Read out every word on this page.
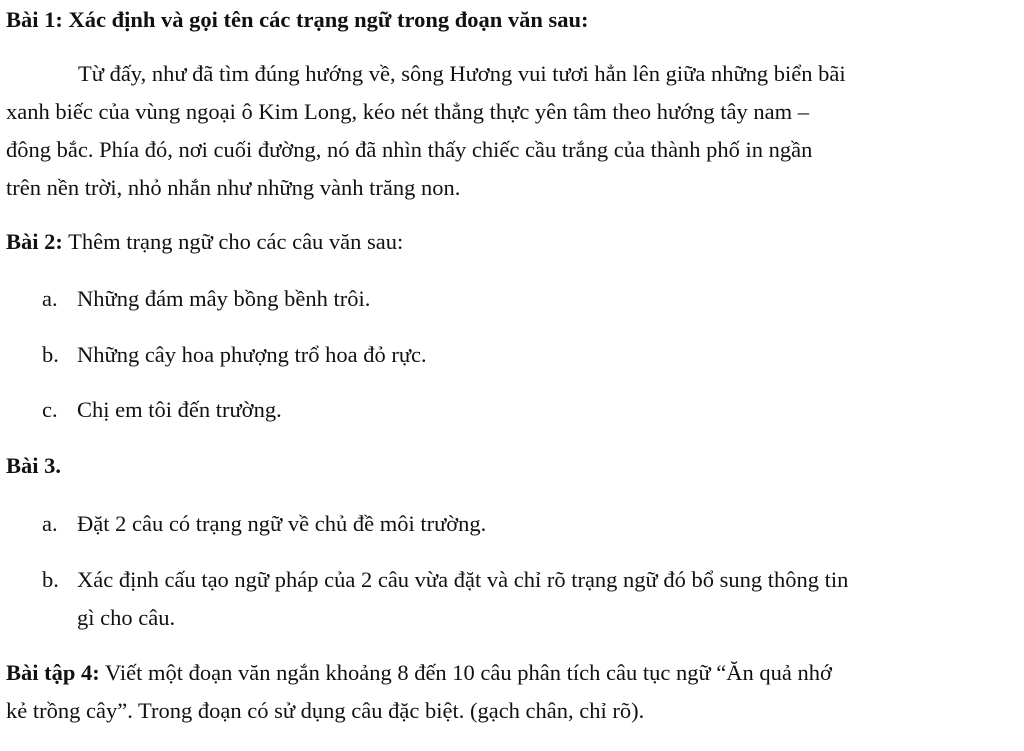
Bài 1: Xác định và gọi tên các trạng ngữ trong đoạn văn sau:
Từ đấy, như đã tìm đúng hướng về, sông Hương vui tươi hẳn lên giữa những biển bãi
xanh biếc của vùng ngoại ô Kim Long, kéo nét thẳng thực yên tâm theo hướng tây nam –
đông bắc. Phía đó, nơi cuối đường, nó đã nhìn thấy chiếc cầu trắng của thành phố in ngần
trên nền trời, nhỏ nhắn như những vành trăng non.
Bài 2: Thêm trạng ngữ cho các câu văn sau:
a. Những đám mây bồng bềnh trôi.
b. Những cây hoa phượng trổ hoa đỏ rực.
c. Chị em tôi đến trường.
Bài 3.
a. Đặt 2 câu có trạng ngữ về chủ đề môi trường.
b. Xác định cấu tạo ngữ pháp của 2 câu vừa đặt và chỉ rõ trạng ngữ đó bổ sung thông tin
gì cho câu.
Bài tập 4: Viết một đoạn văn ngắn khoảng 8 đến 10 câu phân tích câu tục ngữ “Ăn quả nhớ
kẻ trồng cây”. Trong đoạn có sử dụng câu đặc biệt. (gạch chân, chỉ rõ).
